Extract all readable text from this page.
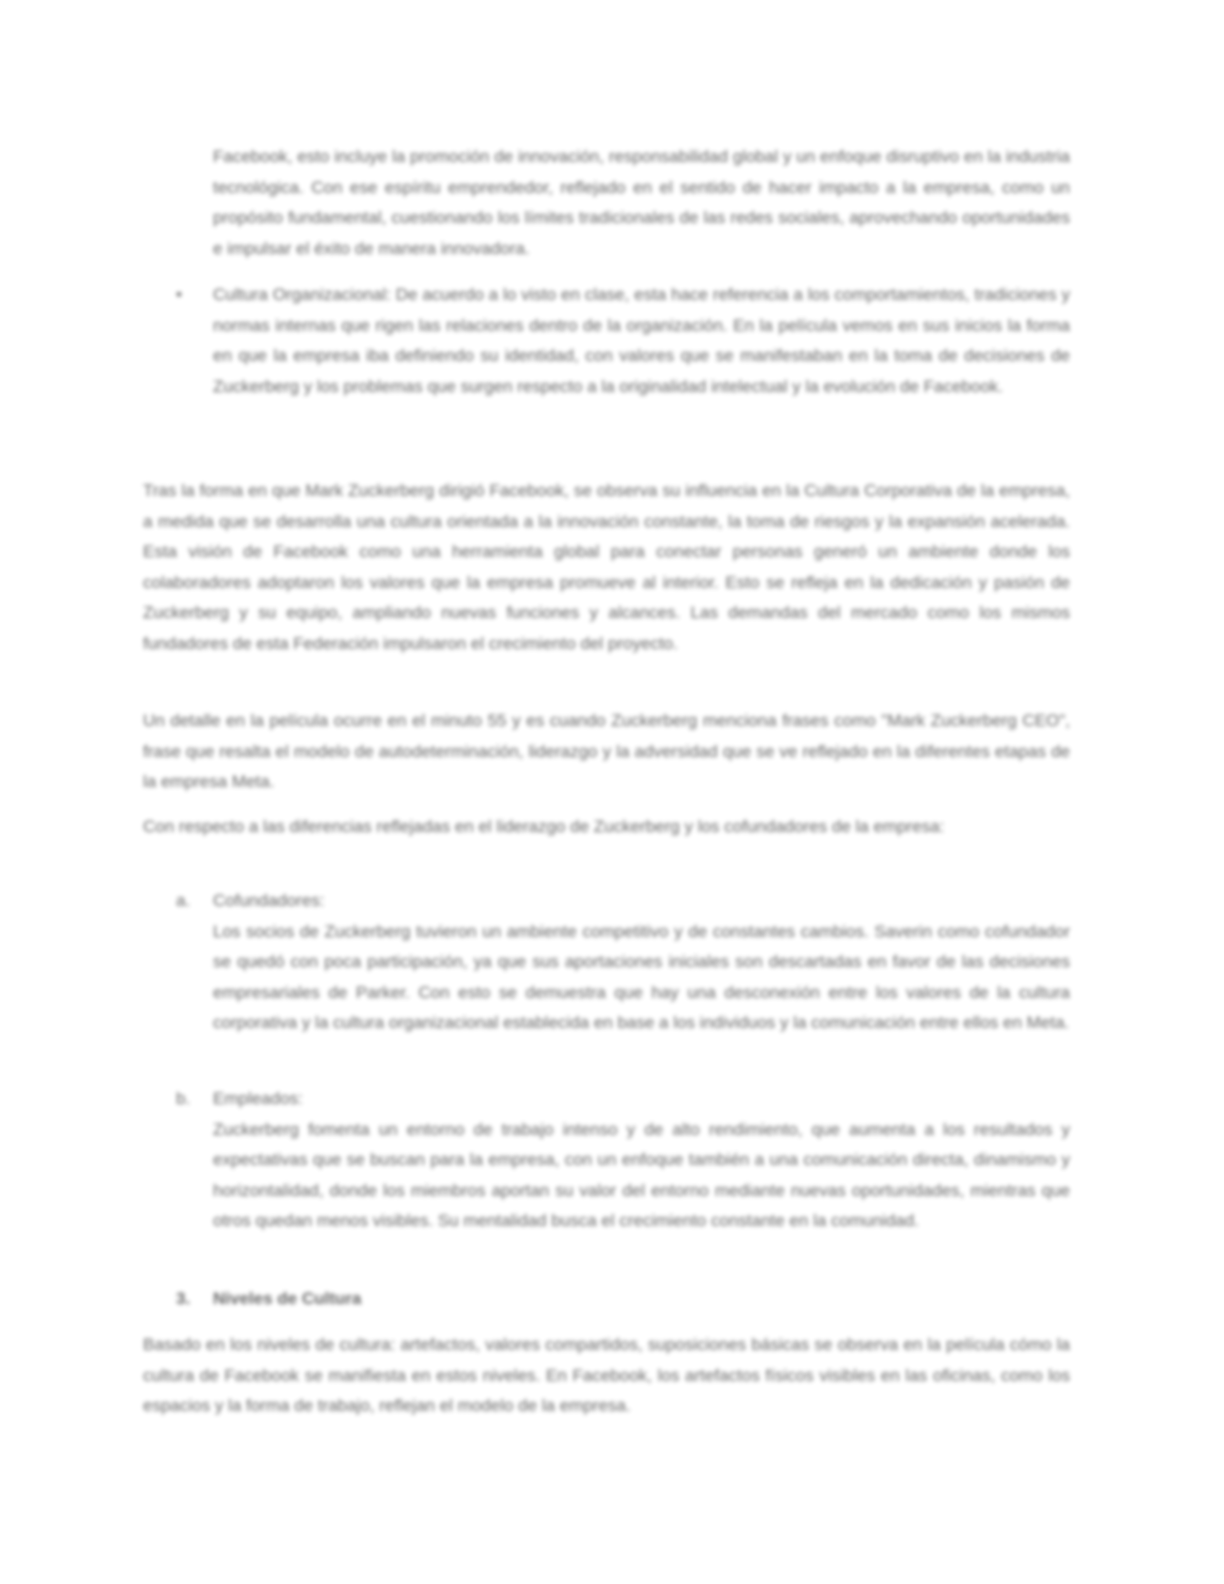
Facebook, esto incluye la promoción de innovación, responsabilidad global y un enfoque disruptivo en la industria tecnológica. Con ese espíritu emprendedor, reflejado en el sentido de hacer impacto a la empresa, como un propósito fundamental, cuestionando los límites tradicionales de las redes sociales, aprovechando oportunidades e impulsar el éxito de manera innovadora.

• Cultura Organizacional: De acuerdo a lo visto en clase, esta hace referencia a los comportamientos, tradiciones y normas internas que rigen las relaciones dentro de la organización. En la película vemos en sus inicios la forma en que la empresa iba definiendo su identidad, con valores que se manifestaban en la toma de decisiones de Zuckerberg y los problemas que surgen respecto a la originalidad intelectual y la evolución de Facebook.

Tras la forma en que Mark Zuckerberg dirigió Facebook, se observa su influencia en la Cultura Corporativa de la empresa, a medida que se desarrolla una cultura orientada a la innovación constante, la toma de riesgos y la expansión acelerada. Esta visión de Facebook como una herramienta global para conectar personas generó un ambiente donde los colaboradores adoptaron los valores que la empresa promueve al interior. Esto se refleja en la dedicación y pasión de Zuckerberg y su equipo, ampliando nuevas funciones y alcances. Las demandas del mercado como los mismos fundadores de esta Federación impulsaron el crecimiento del proyecto.

Un detalle en la película ocurre en el minuto 55 y es cuando Zuckerberg menciona frases como "Mark Zuckerberg CEO", frase que resalta el modelo de autodeterminación, liderazgo y la adversidad que se ve reflejado en la diferentes etapas de la empresa Meta.

Con respecto a las diferencias reflejadas en el liderazgo de Zuckerberg y los cofundadores de la empresa:

a. Cofundadores:

Los socios de Zuckerberg tuvieron un ambiente competitivo y de constantes cambios. Saverin como cofundador se quedó con poca participación, ya que sus aportaciones iniciales son descartadas en favor de las decisiones empresariales de Parker. Con esto se demuestra que hay una desconexión entre los valores de la cultura corporativa y la cultura organizacional establecida en base a los individuos y la comunicación entre ellos en Meta.

b. Empleados:

Zuckerberg fomenta un entorno de trabajo intenso y de alto rendimiento, que aumenta a los resultados y expectativas que se buscan para la empresa, con un enfoque también a una comunicación directa, dinamismo y horizontalidad, donde los miembros aportan su valor del entorno mediante nuevas oportunidades, mientras que otros quedan menos visibles. Su mentalidad busca el crecimiento constante en la comunidad.

3. Niveles de Cultura

Basado en los niveles de cultura: artefactos, valores compartidos, suposiciones básicas se observa en la película cómo la cultura de Facebook se manifiesta en estos niveles. En Facebook, los artefactos físicos visibles en las oficinas, como los espacios y la forma de trabajo, reflejan el modelo de la empresa.
